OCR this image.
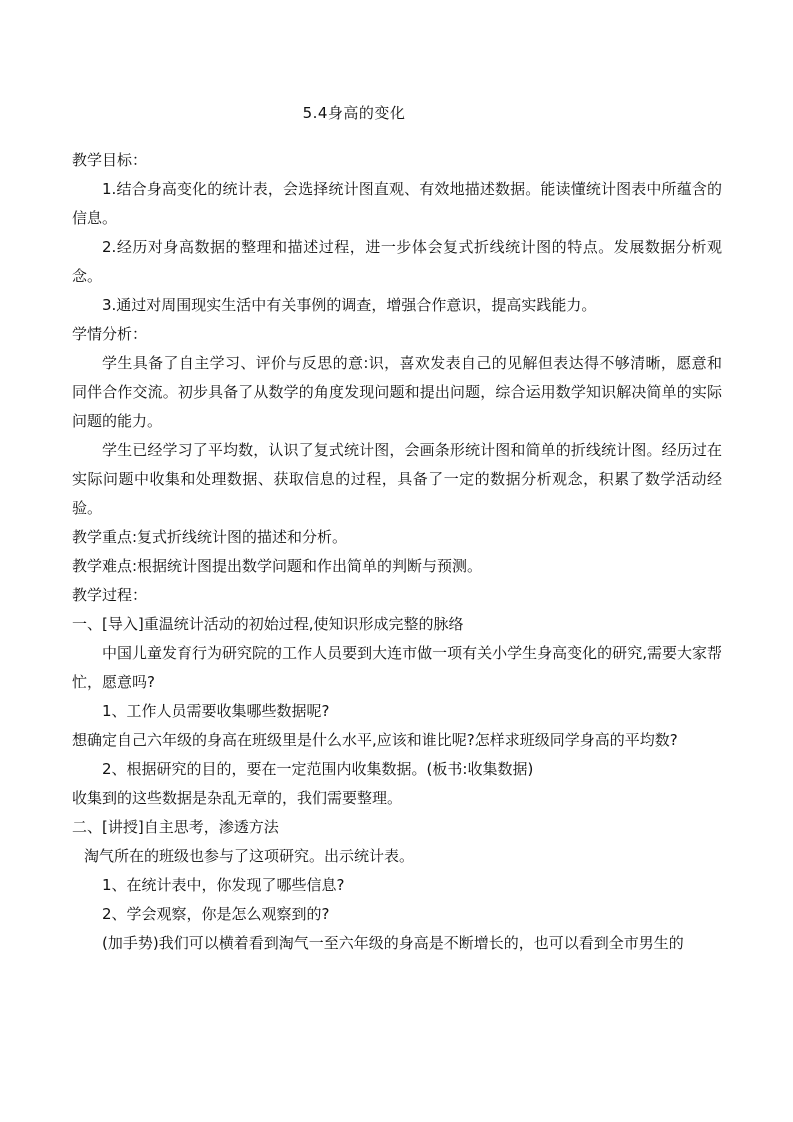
5.4身高的变化

教学目标：

1.结合身高变化的统计表，会选择统计图直观、有效地描述数据。能读懂统计图表中所蕴含的信息。

2.经历对身高数据的整理和描述过程，进一步体会复式折线统计图的特点。发展数据分析观念。

3.通过对周围现实生活中有关事例的调查，增强合作意识，提高实践能力。

学情分析：

学生具备了自主学习、评价与反思的意:识，喜欢发表自己的见解但表达得不够清晰，愿意和同伴合作交流。初步具备了从数学的角度发现问题和提出问题，综合运用数学知识解决简单的实际问题的能力。

学生已经学习了平均数，认识了复式统计图，会画条形统计图和简单的折线统计图。经历过在实际问题中收集和处理数据、获取信息的过程，具备了一定的数据分析观念，积累了数学活动经验。

教学重点:复式折线统计图的描述和分析。

教学难点:根据统计图提出数学问题和作出简单的判断与预测。

教学过程：

一、[导入]重温统计活动的初始过程,使知识形成完整的脉络

中国儿童发育行为研究院的工作人员要到大连市做一项有关小学生身高变化的研究,需要大家帮忙，愿意吗?

1、工作人员需要收集哪些数据呢?

想确定自己六年级的身高在班级里是什么水平,应该和谁比呢?怎样求班级同学身高的平均数?

2、根据研究的目的，要在一定范围内收集数据。(板书:收集数据)

收集到的这些数据是杂乱无章的，我们需要整理。

二、[讲授]自主思考，渗透方法

淘气所在的班级也参与了这项研究。出示统计表。

1、在统计表中，你发现了哪些信息?

2、学会观察，你是怎么观察到的?

(加手势)我们可以横着看到淘气一至六年级的身高是不断增长的，也可以看到全市男生的
